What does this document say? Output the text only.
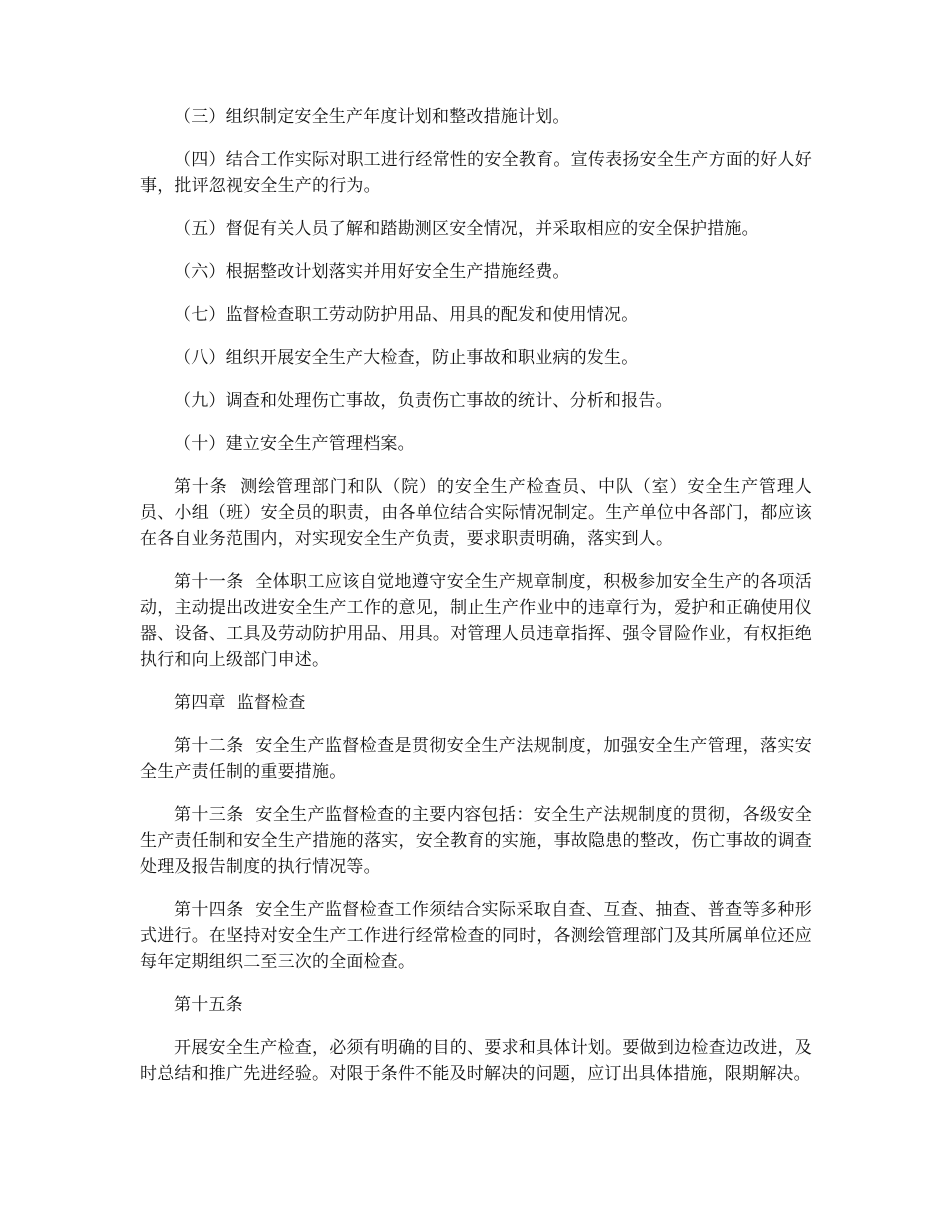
（三）组织制定安全生产年度计划和整改措施计划。

（四）结合工作实际对职工进行经常性的安全教育。宣传表扬安全生产方面的好人好事，批评忽视安全生产的行为。

（五）督促有关人员了解和踏勘测区安全情况，并采取相应的安全保护措施。

（六）根据整改计划落实并用好安全生产措施经费。

（七）监督检查职工劳动防护用品、用具的配发和使用情况。

（八）组织开展安全生产大检查，防止事故和职业病的发生。

（九）调查和处理伤亡事故，负责伤亡事故的统计、分析和报告。

（十）建立安全生产管理档案。

第十条  测绘管理部门和队（院）的安全生产检查员、中队（室）安全生产管理人员、小组（班）安全员的职责，由各单位结合实际情况制定。生产单位中各部门，都应该在各自业务范围内，对实现安全生产负责，要求职责明确，落实到人。

第十一条  全体职工应该自觉地遵守安全生产规章制度，积极参加安全生产的各项活动，主动提出改进安全生产工作的意见，制止生产作业中的违章行为，爱护和正确使用仪器、设备、工具及劳动防护用品、用具。对管理人员违章指挥、强令冒险作业，有权拒绝执行和向上级部门申述。

第四章  监督检查

第十二条  安全生产监督检查是贯彻安全生产法规制度，加强安全生产管理，落实安全生产责任制的重要措施。

第十三条  安全生产监督检查的主要内容包括：安全生产法规制度的贯彻，各级安全生产责任制和安全生产措施的落实，安全教育的实施，事故隐患的整改，伤亡事故的调查处理及报告制度的执行情况等。

第十四条  安全生产监督检查工作须结合实际采取自查、互查、抽查、普查等多种形式进行。在坚持对安全生产工作进行经常检查的同时，各测绘管理部门及其所属单位还应每年定期组织二至三次的全面检查。

第十五条

开展安全生产检查，必须有明确的目的、要求和具体计划。要做到边检查边改进，及时总结和推广先进经验。对限于条件不能及时解决的问题，应订出具体措施，限期解决。
